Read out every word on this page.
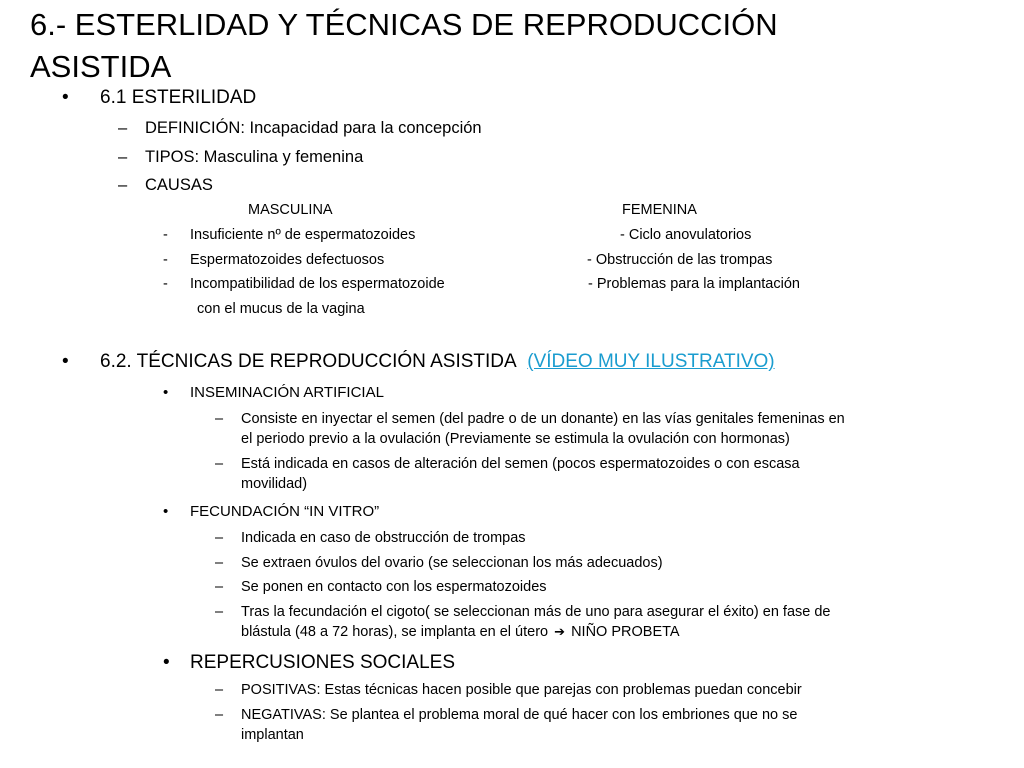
6.- ESTERLIDAD Y TÉCNICAS DE REPRODUCCIÓN
ASISTIDA
• 6.1 ESTERILIDAD
– DEFINICIÓN: Incapacidad para la concepción
– TIPOS: Masculina y femenina
– CAUSAS
MASCULINA	FEMENINA
- Insuficiente nº de espermatozoides	- Ciclo anovulatorios
- Espermatozoides defectuosos	- Obstrucción de las trompas
- Incompatibilidad de los espermatozoide	- Problemas para la implantación
con el mucus de la vagina
• 6.2. TÉCNICAS DE REPRODUCCIÓN ASISTIDA (VÍDEO MUY ILUSTRATIVO)
• INSEMINACIÓN ARTIFICIAL
– Consiste en inyectar el semen (del padre o de un donante) en las vías genitales femeninas en
el periodo previo a la ovulación (Previamente se estimula la ovulación con hormonas)
– Está indicada en casos de alteración del semen (pocos espermatozoides o con escasa
movilidad)
• FECUNDACIÓN “IN VITRO”
– Indicada en caso de obstrucción de trompas
– Se extraen óvulos del ovario (se seleccionan los más adecuados)
– Se ponen en contacto con los espermatozoides
– Tras la fecundación el cigoto( se seleccionan más de uno para asegurar el éxito) en fase de
blástula (48 a 72 horas), se implanta en el útero ➔ NIÑO PROBETA
• REPERCUSIONES SOCIALES
– POSITIVAS: Estas técnicas hacen posible que parejas con problemas puedan concebir
– NEGATIVAS: Se plantea el problema moral de qué hacer con los embriones que no se
implantan
